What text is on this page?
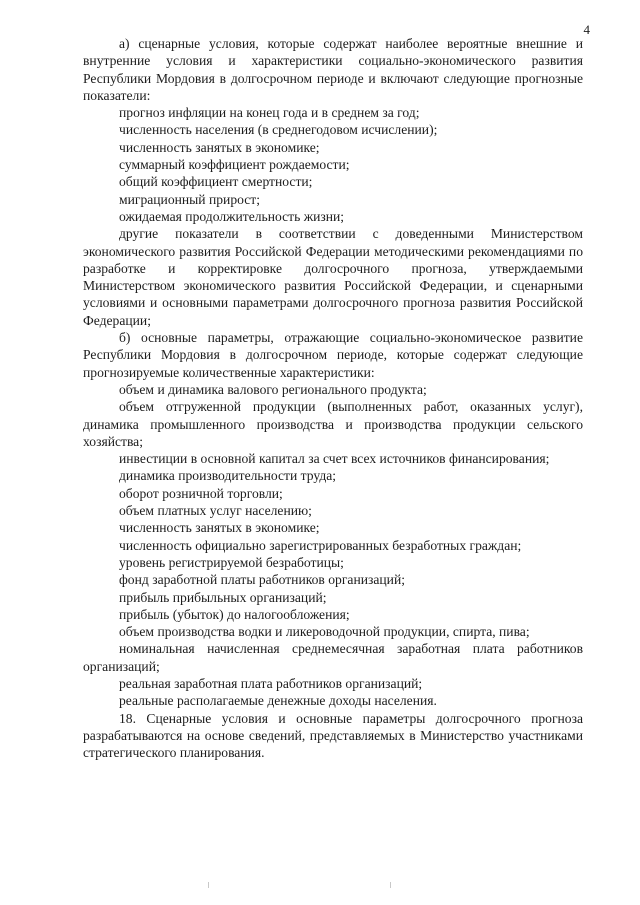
4

а) сценарные условия, которые содержат наиболее вероятные внешние и внутренние условия и характеристики социально-экономического развития Республики Мордовия в долгосрочном периоде и включают следующие прогнозные показатели:

прогноз инфляции на конец года и в среднем за год;

численность населения (в среднегодовом исчислении);

численность занятых в экономике;

суммарный коэффициент рождаемости;

общий коэффициент смертности;

миграционный прирост;

ожидаемая продолжительность жизни;

другие показатели в соответствии с доведенными Министерством экономического развития Российской Федерации методическими рекомендациями по разработке и корректировке долгосрочного прогноза, утверждаемыми Министерством экономического развития Российской Федерации, и сценарными условиями и основными параметрами долгосрочного прогноза развития Российской Федерации;

б) основные параметры, отражающие социально-экономическое развитие Республики Мордовия в долгосрочном периоде, которые содержат следующие прогнозируемые количественные характеристики:

объем и динамика валового регионального продукта;

объем отгруженной продукции (выполненных работ, оказанных услуг), динамика промышленного производства и производства продукции сельского хозяйства;

инвестиции в основной капитал за счет всех источников финансирования;

динамика производительности труда;

оборот розничной торговли;

объем платных услуг населению;

численность занятых в экономике;

численность официально зарегистрированных безработных граждан;

уровень регистрируемой безработицы;

фонд заработной платы работников организаций;

прибыль прибыльных организаций;

прибыль (убыток) до налогообложения;

объем производства водки и ликероводочной продукции, спирта, пива;

номинальная начисленная среднемесячная заработная плата работников организаций;

реальная заработная плата работников организаций;

реальные располагаемые денежные доходы населения.

18. Сценарные условия и основные параметры долгосрочного прогноза разрабатываются на основе сведений, представляемых в Министерство участниками стратегического планирования.
